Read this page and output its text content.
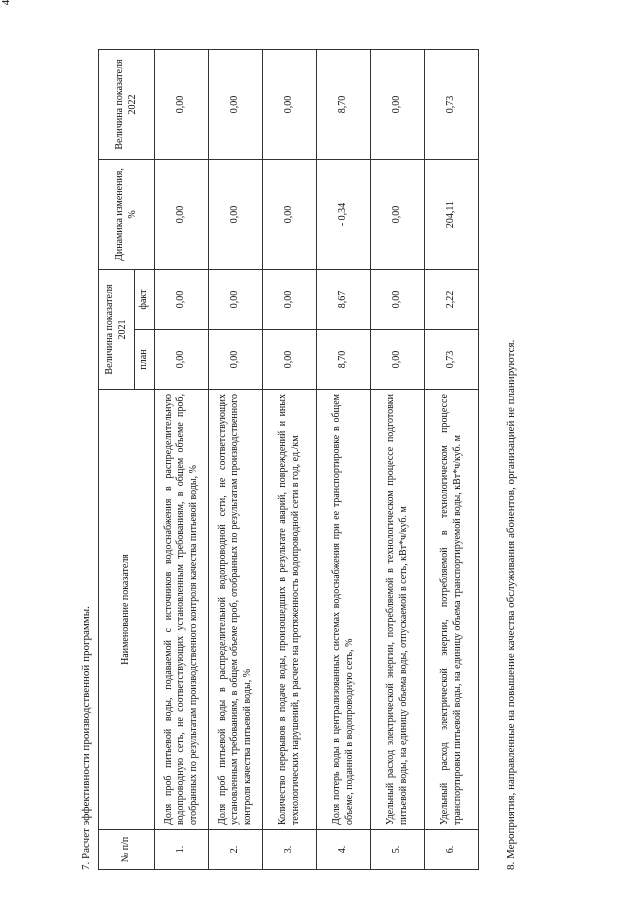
4
7. Расчет эффективности производственной программы.	№ п/п	Наименование показателя	Величина показателя 2021		Динамика изменения, %	Величина показателя 2022
		план	факт		
1.	Доля проб питьевой воды, подаваемой с источников водоснабжения в распределительную водопроводную сеть, не соответствующих установленным требованиям, в общем объеме проб, отобранных по результатам производственного контроля качества питьевой воды, %	0,00	0,00	0,00	0,00
2.	Доля проб питьевой воды в распределительной водопроводной сети, не соответствующих установленным требованиям, в общем объеме проб, отобранных по результатам производственного контроля качества питьевой воды, %	0,00	0,00	0,00	0,00
3.	Количество перерывов в подаче воды, произошедших в результате аварий, повреждений и иных технологических нарушений, в расчете на протяженность водопроводной сети в год, ед./км	0,00	0,00	0,00	0,00
4.	Доля потерь воды в централизованных системах водоснабжения при ее транспортировке в общем объеме, поданной в водопроводную сеть, %	8,70	8,67	- 0,34	8,70
5.	Удельный расход электрической энергии, потребляемой в технологическом процессе подготовки питьевой воды, на единицу объема воды, отпускаемой в сеть, кВт*ч/куб. м	0,00	0,00	0,00	0,00
6.	Удельный расход электрической энергии, потребляемой в технологическом процессе транспортировки питьевой воды, на единицу объема транспортируемой воды, кВт*ч/куб. м	0,73	2,22	204,11	0,73
8. Мероприятия, направленные на повышение качества обслуживания абонентов, организацией не планируются.
